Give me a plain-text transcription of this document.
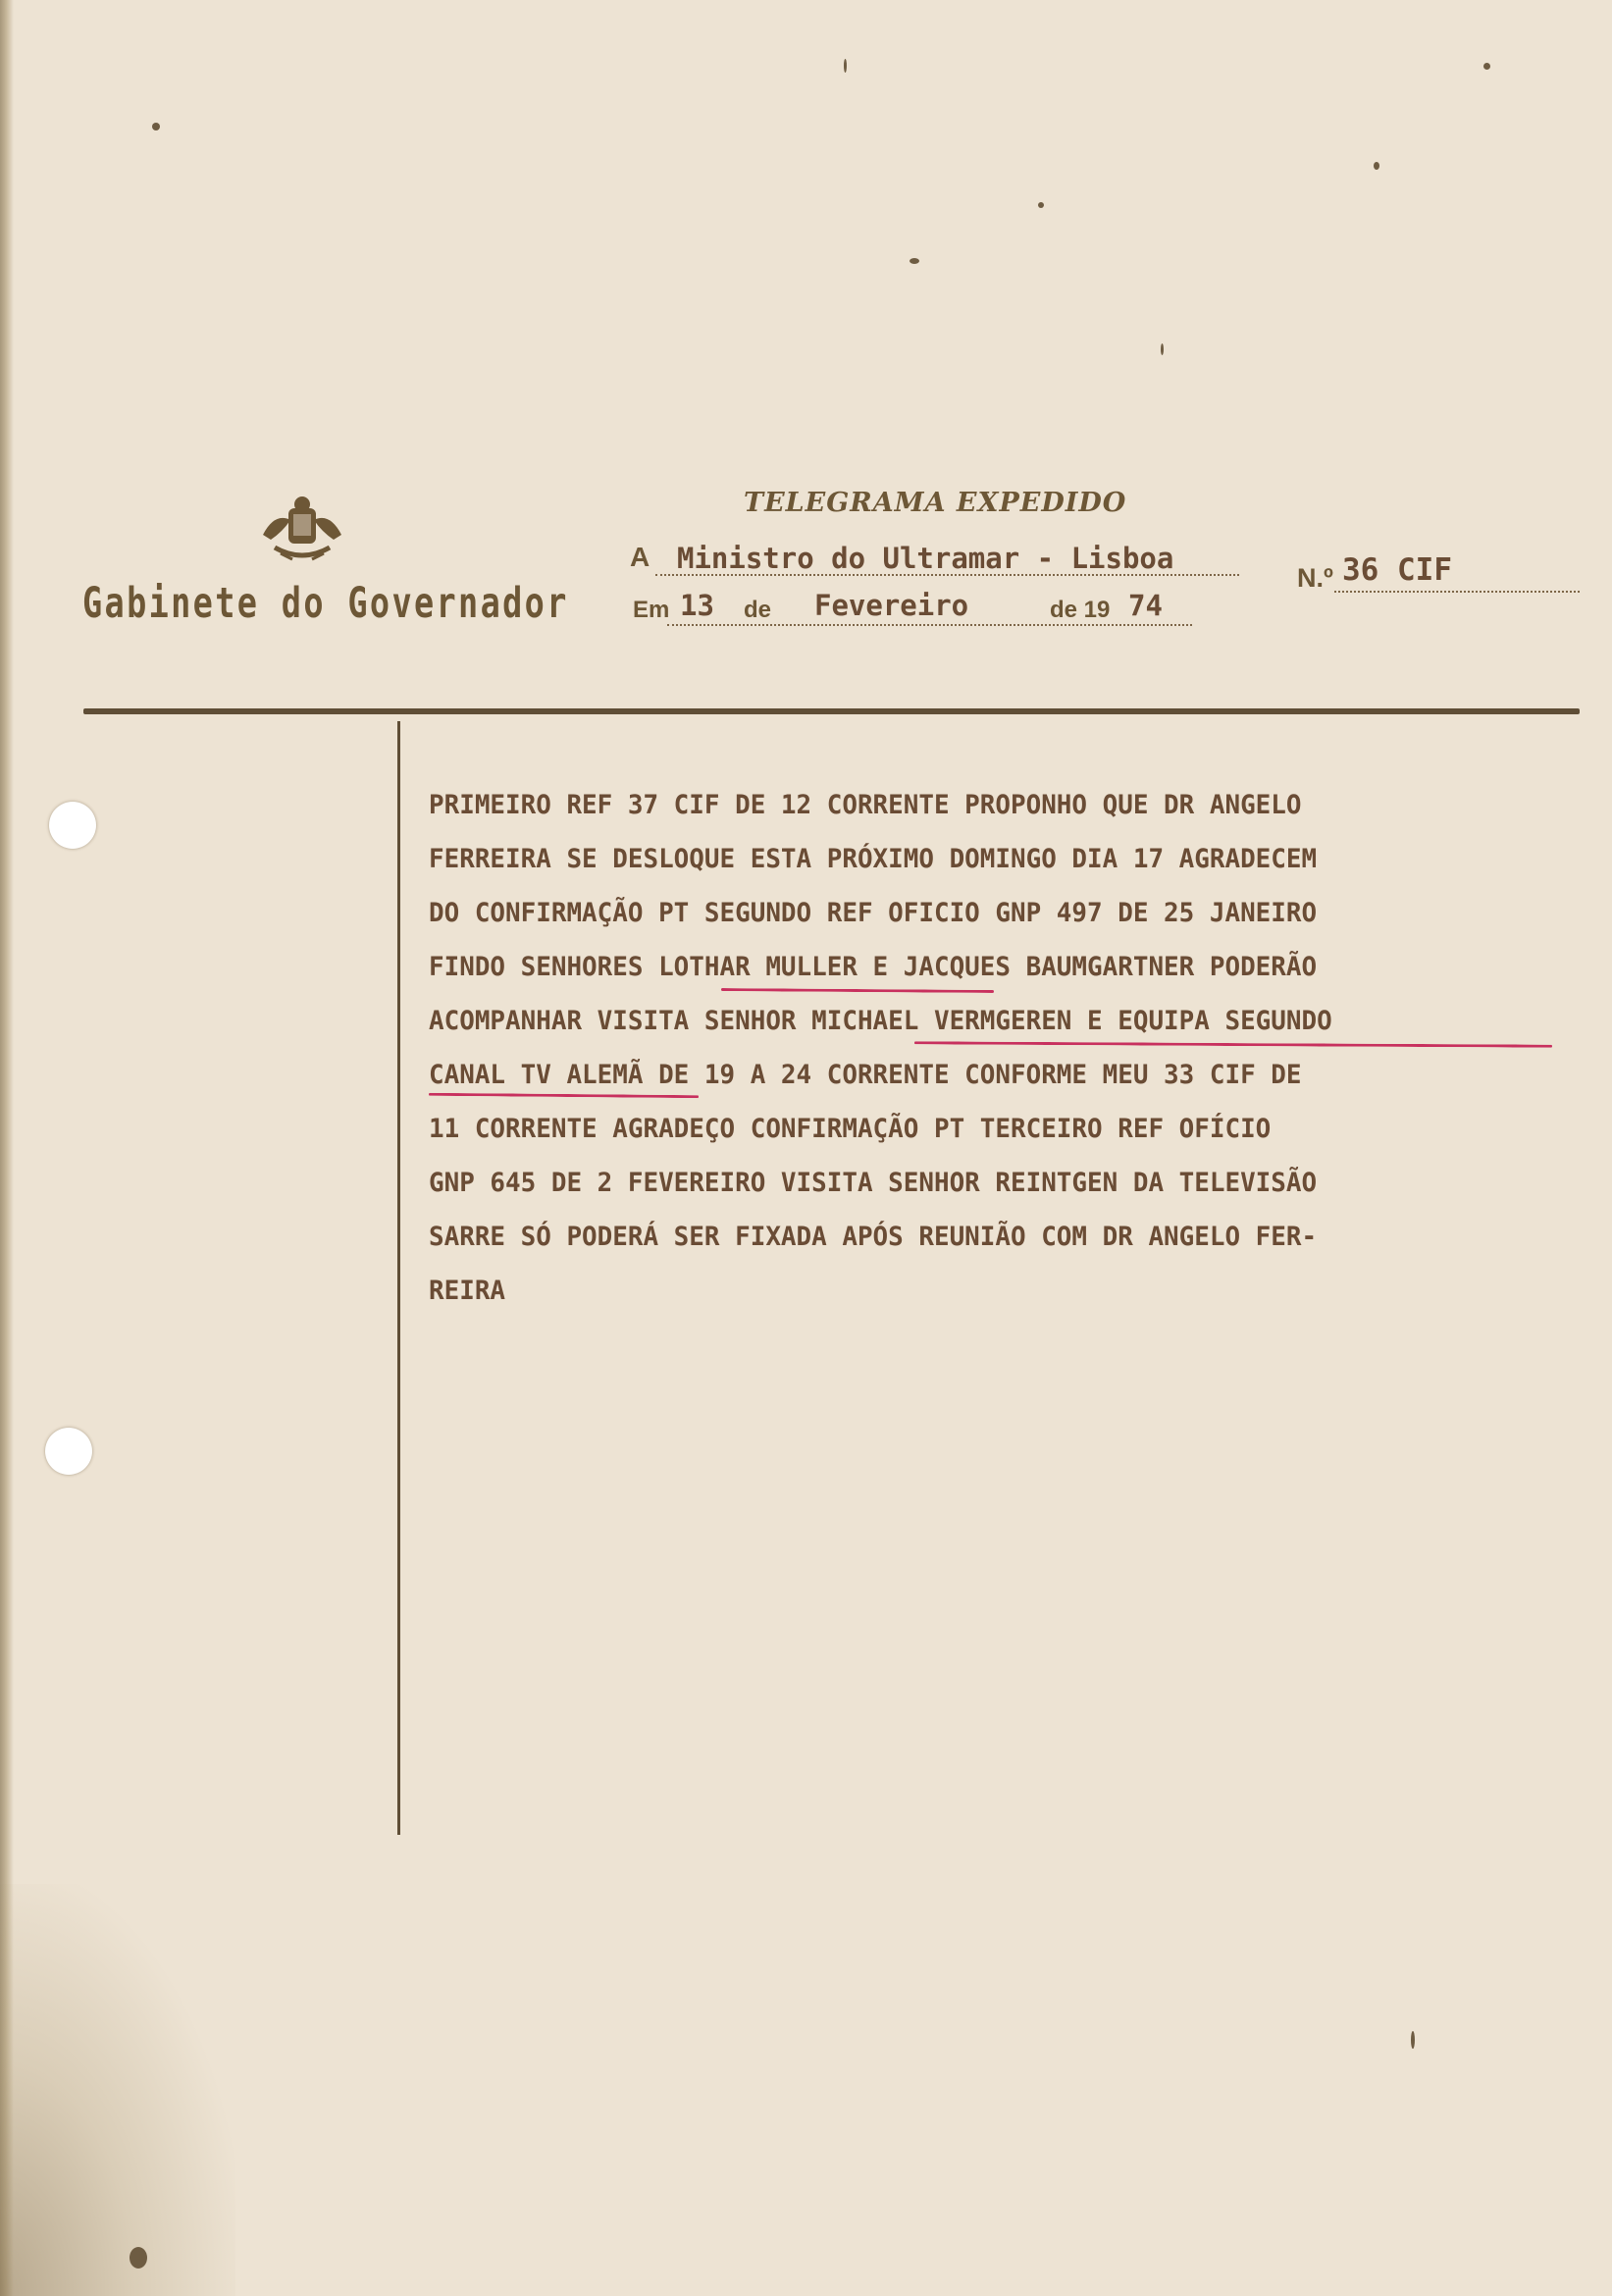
Gabinete do Governador
TELEGRAMA EXPEDIDO
A Ministro do Ultramar - Lisboa
Em 13 de Fevereiro	de 19 74
N.º 36 CIF
PRIMEIRO REF 37 CIF DE 12 CORRENTE PROPONHO QUE DR ANGELO
FERREIRA SE DESLOQUE ESTA PRÓXIMO DOMINGO DIA 17 AGRADECEM
DO CONFIRMAÇÃO PT SEGUNDO REF OFICIO GNP 497 DE 25 JANEIRO
FINDO SENHORES LOTHAR MULLER E JACQUES BAUMGARTNER PODERÃO
ACOMPANHAR VISITA SENHOR MICHAEL VERMGEREN E EQUIPA SEGUNDO
CANAL TV ALEMÃ DE 19 A 24 CORRENTE CONFORME MEU 33 CIF DE
11 CORRENTE AGRADEÇO CONFIRMAÇÃO PT TERCEIRO REF OFÍCIO
GNP 645 DE 2 FEVEREIRO VISITA SENHOR REINTGEN DA TELEVISÃO
SARRE SÓ PODERÁ SER FIXADA APÓS REUNIÃO COM DR ANGELO FER-
REIRA
